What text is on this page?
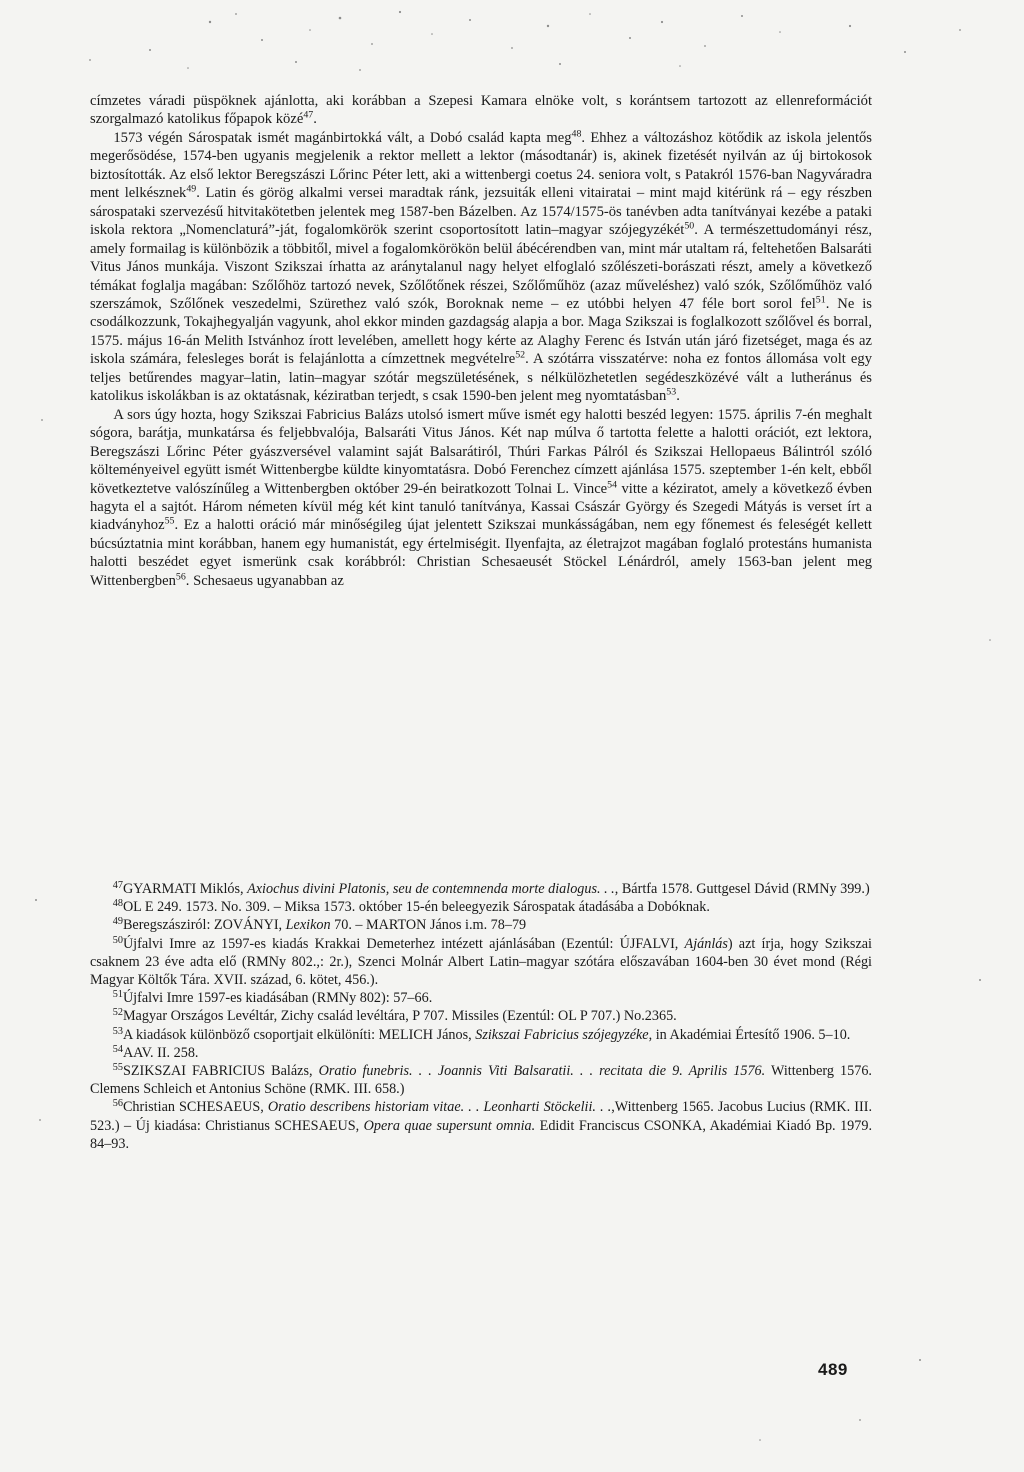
címzetes váradi püspöknek ajánlotta, aki korábban a Szepesi Kamara elnöke volt, s korántsem tartozott az ellenreformációt szorgalmazó katolikus főpapok közé$^{47}$.

1573 végén Sárospatak ismét magánbirtokká vált, a Dobó család kapta meg$^{48}$. Ehhez a változáshoz kötődik az iskola jelentős megerősödése, 1574-ben ugyanis megjelenik a rektor mellett a lektor (másodtanár) is, akinek fizetését nyilván az új birtokosok biztosították. Az első lektor Beregszászi Lőrinc Péter lett, aki a wittenbergi coetus 24. seniora volt, s Patakról 1576-ban Nagyváradra ment lelkésznek$^{49}$. Latin és görög alkalmi versei maradtak ránk, jezsuiták elleni vitairatai – mint majd kitérünk rá – egy részben sárospataki szervezésű hitvitakötetben jelentek meg 1587-ben Bázelben. Az 1574/1575-ös tanévben adta tanítványai kezébe a pataki iskola rektora „Nomenclaturá”-ját, fogalomkörök szerint csoportosított latin–magyar szójegyzékét$^{50}$. A természettudományi rész, amely formailag is különbözik a többitől, mivel a fogalomkörökön belül ábécérendben van, mint már utaltam rá, feltehetően Balsaráti Vitus János munkája. Viszont Szikszai írhatta az aránytalanul nagy helyet elfoglaló szőlészeti-borászati részt, amely a következő témákat foglalja magában: Szőlőhöz tartozó nevek, Szőlőtőnek részei, Szőlőműhöz (azaz műveléshez) való szók, Szőlőműhöz való szerszámok, Szőlőnek veszedelmi, Szürethez való szók, Boroknak neme – ez utóbbi helyen 47 féle bort sorol fel$^{51}$. Ne is csodálkozzunk, Tokajhegyalján vagyunk, ahol ekkor minden gazdagság alapja a bor. Maga Szikszai is foglalkozott szőlővel és borral, 1575. május 16-án Melith Istvánhoz írott levelében, amellett hogy kérte az Alaghy Ferenc és István után járó fizetséget, maga és az iskola számára, felesleges borát is felajánlotta a címzettnek megvételre$^{52}$. A szótárra visszatérve: noha ez fontos állomása volt egy teljes betűrendes magyar–latin, latin–magyar szótár megszületésének, s nélkülözhetetlen segédeszközévé vált a lutheránus és katolikus iskolákban is az oktatásnak, kéziratban terjedt, s csak 1590-ben jelent meg nyomtatásban$^{53}$.

A sors úgy hozta, hogy Szikszai Fabricius Balázs utolsó ismert műve ismét egy halotti beszéd legyen: 1575. április 7-én meghalt sógora, barátja, munkatársa és feljebbvalója, Balsaráti Vitus János. Két nap múlva ő tartotta felette a halotti orációt, ezt lektora, Beregszászi Lőrinc Péter gyászversével valamint saját Balsarátiról, Thúri Farkas Pálról és Szikszai Hellopaeus Bálintról szóló költeményeivel együtt ismét Wittenbergbe küldte kinyomtatásra. Dobó Ferenchez címzett ajánlása 1575. szeptember 1-én kelt, ebből következtetve valószínűleg a Wittenbergben október 29-én beiratkozott Tolnai L. Vince$^{54}$ vitte a kéziratot, amely a következő évben hagyta el a sajtót. Három németen kívül még két kint tanuló tanítványa, Kassai Császár György és Szegedi Mátyás is verset írt a kiadványhoz$^{55}$. Ez a halotti oráció már minőségileg újat jelentett Szikszai munkásságában, nem egy főnemest és feleségét kellett búcsúztatnia mint korábban, hanem egy humanistát, egy értelmiségit. Ilyenfajta, az életrajzot magában foglaló protestáns humanista halotti beszédet egyet ismerünk csak korábbról: Christian Schesaeusét Stöckel Lénárdról, amely 1563-ban jelent meg Wittenbergben$^{56}$. Schesaeus ugyanabban az

$^{47}$GYARMATI Miklós, Axiochus divini Platonis, seu de contemnenda morte dialogus. . ., Bártfa 1578. Guttgesel Dávid (RMNy 399.)

$^{48}$OL E 249. 1573. No. 309. – Miksa 1573. október 15-én beleegyezik Sárospatak átadásába a Dobóknak.

$^{49}$Beregszásziról: ZOVÁNYI, Lexikon 70. – MARTON János i.m. 78–79

$^{50}$Újfalvi Imre az 1597-es kiadás Krakkai Demeterhez intézett ajánlásában (Ezentúl: ÚJFALVI, Ajánlás) azt írja, hogy Szikszai csaknem 23 éve adta elő (RMNy 802.,: 2r.), Szenci Molnár Albert Latin–magyar szótára előszavában 1604-ben 30 évet mond (Régi Magyar Költők Tára. XVII. század, 6. kötet, 456.).

$^{51}$Újfalvi Imre 1597-es kiadásában (RMNy 802): 57–66.

$^{52}$Magyar Országos Levéltár, Zichy család levéltára, P 707. Missiles (Ezentúl: OL P 707.) No.2365.

$^{53}$A kiadások különböző csoportjait elkülöníti: MELICH János, Szikszai Fabricius szójegyzéke, in Akadémiai Értesítő 1906. 5–10.

$^{54}$AAV. II. 258.

$^{55}$SZIKSZAI FABRICIUS Balázs, Oratio funebris. . . Joannis Viti Balsaratii. . . recitata die 9. Aprilis 1576. Wittenberg 1576. Clemens Schleich et Antonius Schöne (RMK. III. 658.)

$^{56}$Christian SCHESAEUS, Oratio describens historiam vitae. . . Leonharti Stöckelii. . .,Wittenberg 1565. Jacobus Lucius (RMK. III. 523.) – Új kiadása: Christianus SCHESAEUS, Opera quae supersunt omnia. Edidit Franciscus CSONKA, Akadémiai Kiadó Bp. 1979. 84–93.

489
